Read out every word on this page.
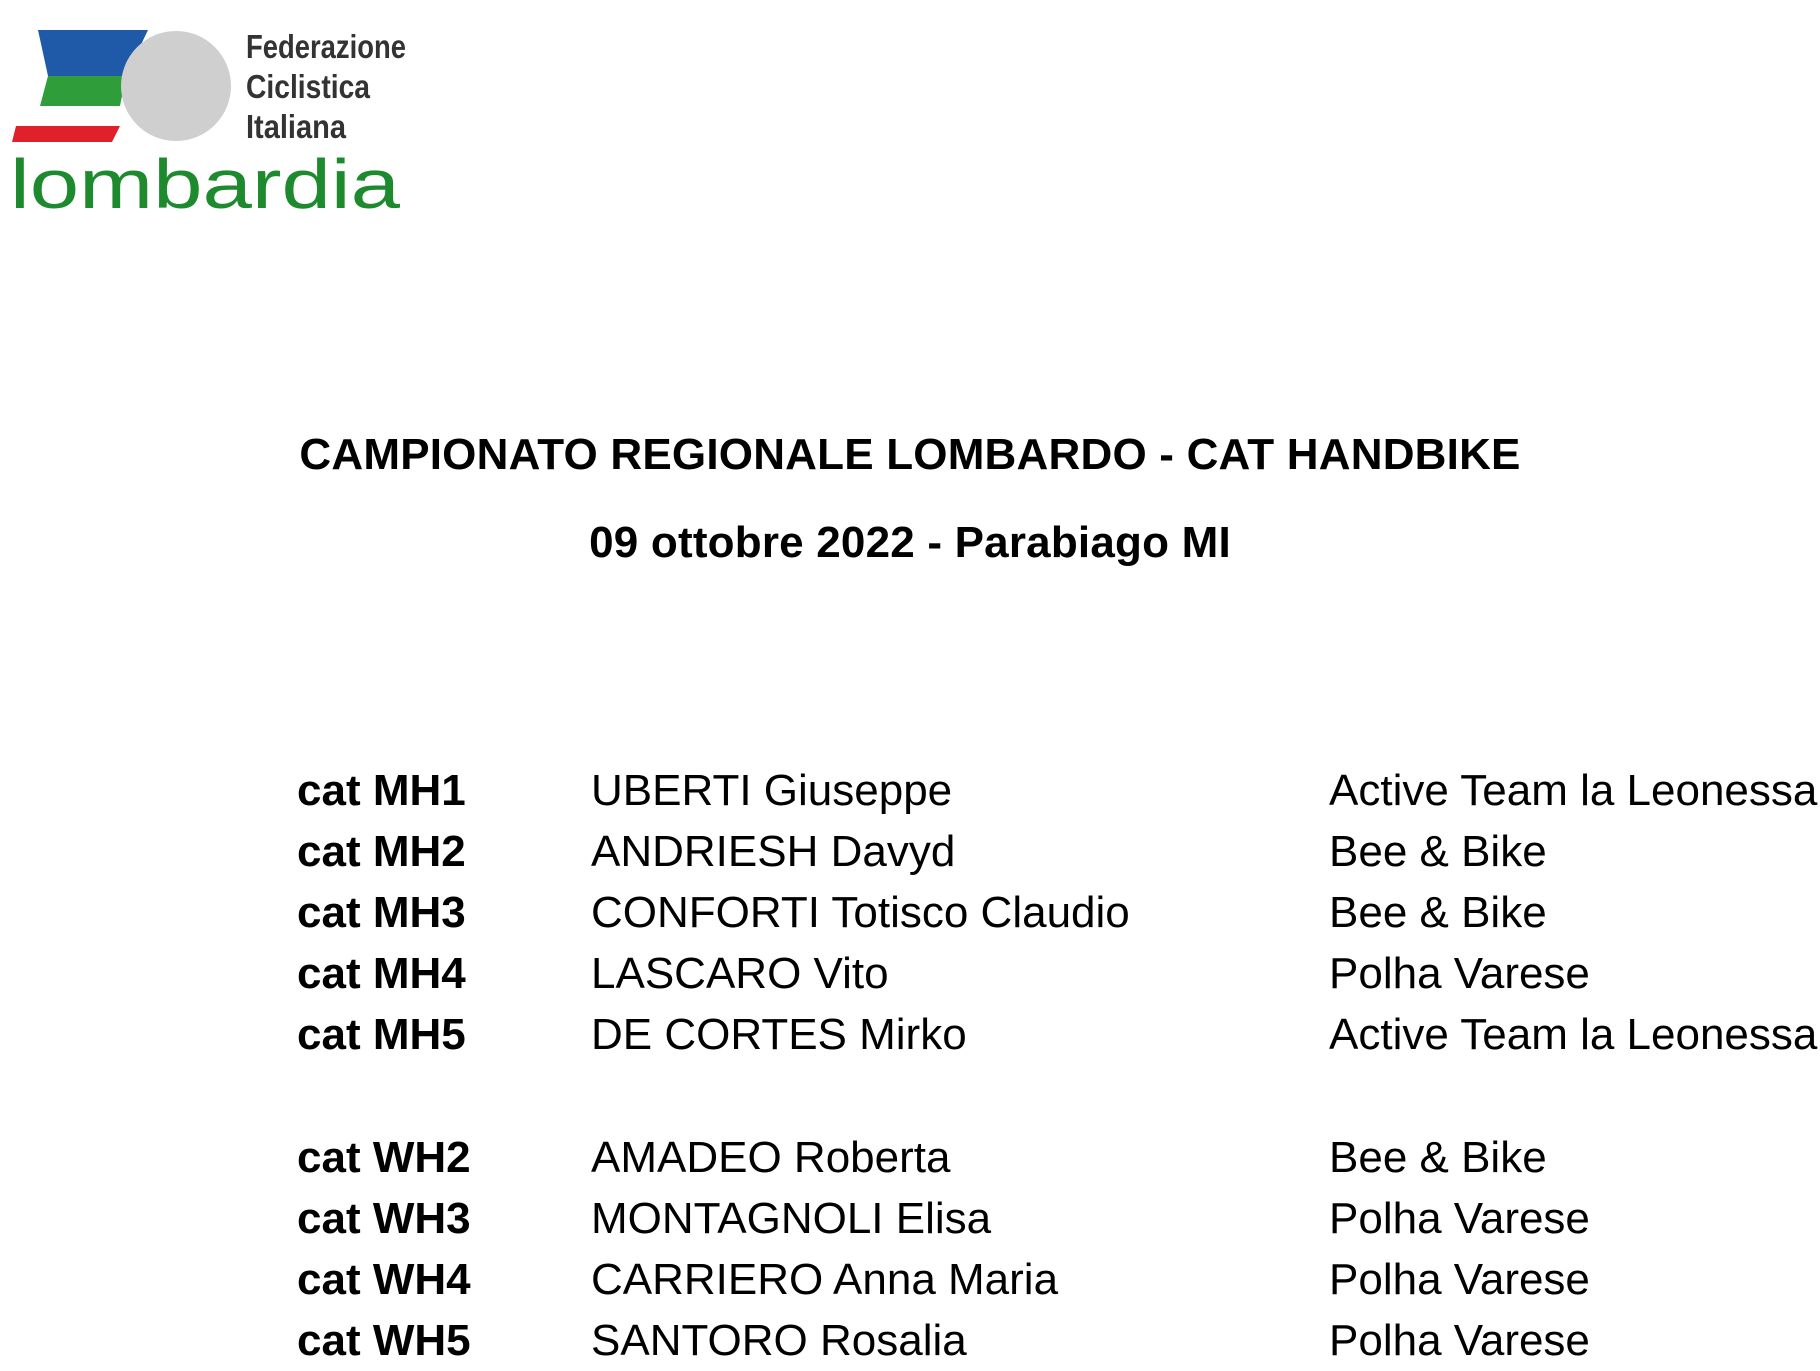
Federazione
Ciclistica
Italiana
lombardia
CAMPIONATO REGIONALE LOMBARDO - CAT HANDBIKE
09 ottobre 2022 - Parabiago MI
cat MH1	UBERTI Giuseppe	Active Team la Leonessa
cat MH2	ANDRIESH Davyd	Bee & Bike
cat MH3	CONFORTI Totisco Claudio	Bee & Bike
cat MH4	LASCARO Vito	Polha Varese
cat MH5	DE CORTES Mirko	Active Team la Leonessa
cat WH2	AMADEO Roberta	Bee & Bike
cat WH3	MONTAGNOLI Elisa	Polha Varese
cat WH4	CARRIERO Anna Maria	Polha Varese
cat WH5	SANTORO Rosalia	Polha Varese
